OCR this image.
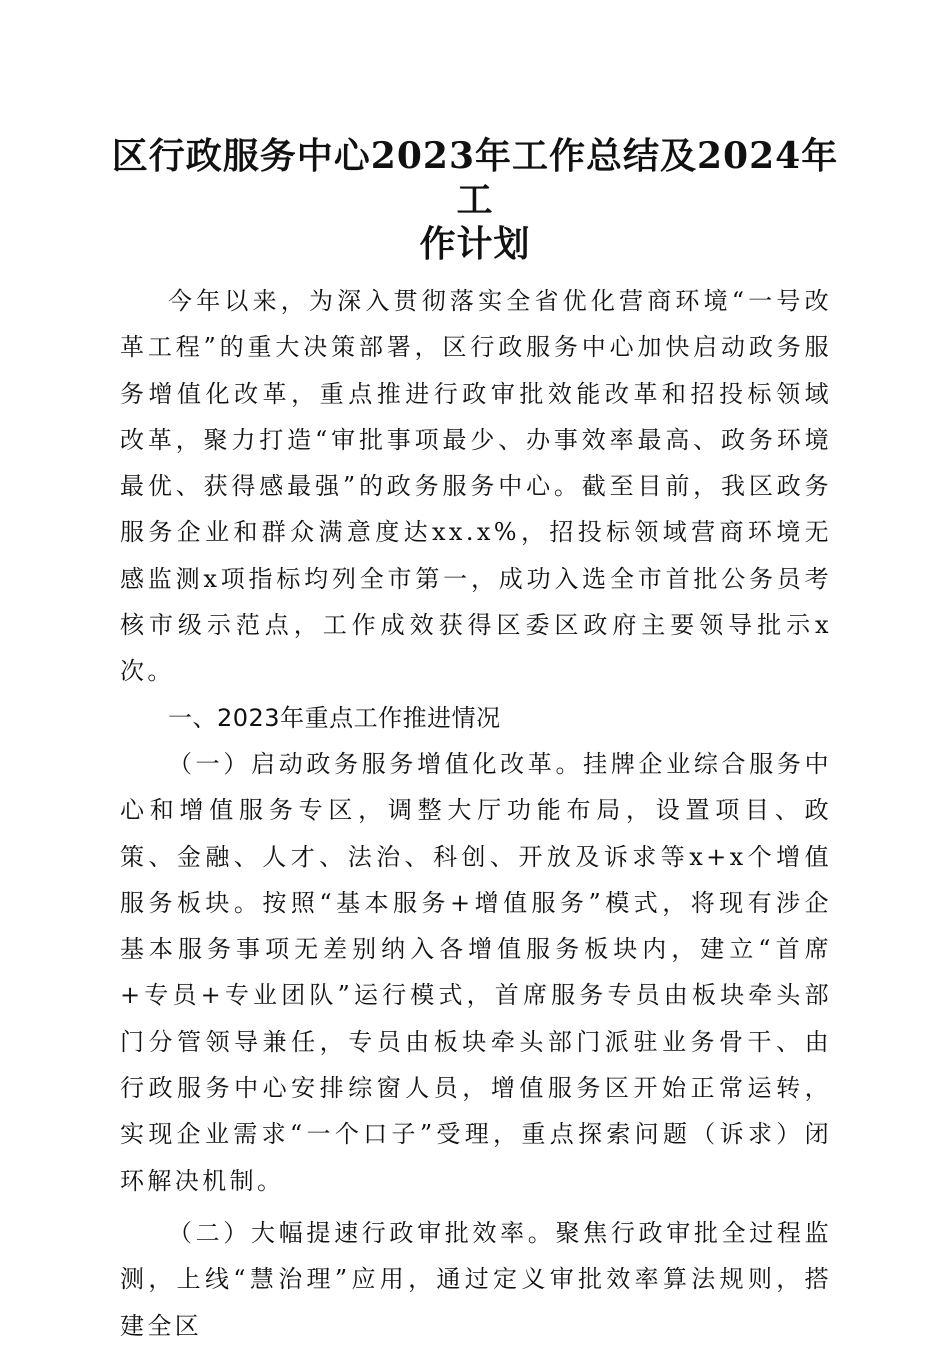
区行政服务中心2023年工作总结及2024年工
作计划

今年以来，为深入贯彻落实全省优化营商环境“一号改革工程”的重大决策部署，区行政服务中心加快启动政务服务增值化改革，重点推进行政审批效能改革和招投标领域改革，聚力打造“审批事项最少、办事效率最高、政务环境最优、获得感最强”的政务服务中心。截至目前，我区政务服务企业和群众满意度达xx.x%，招投标领域营商环境无感监测x项指标均列全市第一，成功入选全市首批公务员考核市级示范点，工作成效获得区委区政府主要领导批示x次。

一、2023年重点工作推进情况

（一）启动政务服务增值化改革。挂牌企业综合服务中心和增值服务专区，调整大厅功能布局，设置项目、政策、金融、人才、法治、科创、开放及诉求等x+x个增值服务板块。按照“基本服务+增值服务”模式，将现有涉企基本服务事项无差别纳入各增值服务板块内，建立“首席+专员+专业团队”运行模式，首席服务专员由板块牵头部门分管领导兼任，专员由板块牵头部门派驻业务骨干、由行政服务中心安排综窗人员，增值服务区开始正常运转，实现企业需求“一个口子”受理，重点探索问题（诉求）闭环解决机制。

（二）大幅提速行政审批效率。聚焦行政审批全过程监测，上线“慧治理”应用，通过定义审批效率算法规则，搭建全区
